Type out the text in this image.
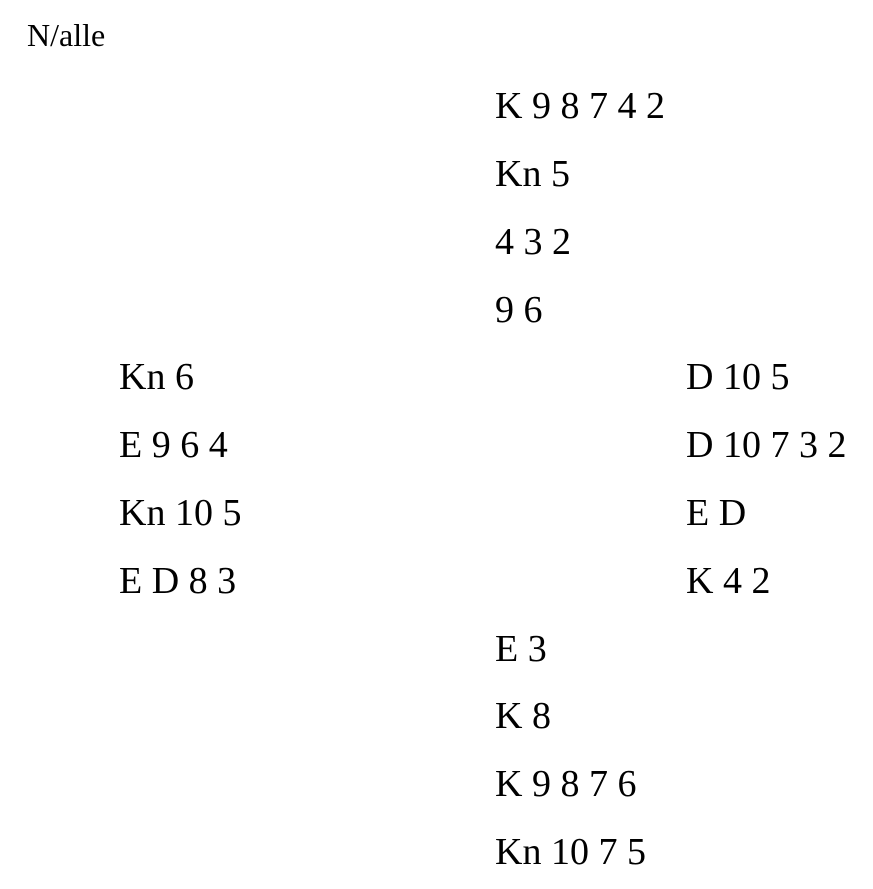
N/alle
K 9 8 7 4 2
Kn 5
4 3 2
9 6
Kn 6
E 9 6 4
Kn 10 5
E D 8 3
D 10 5
D 10 7 3 2
E D
K 4 2
E 3
K 8
K 9 8 7 6
Kn 10 7 5
